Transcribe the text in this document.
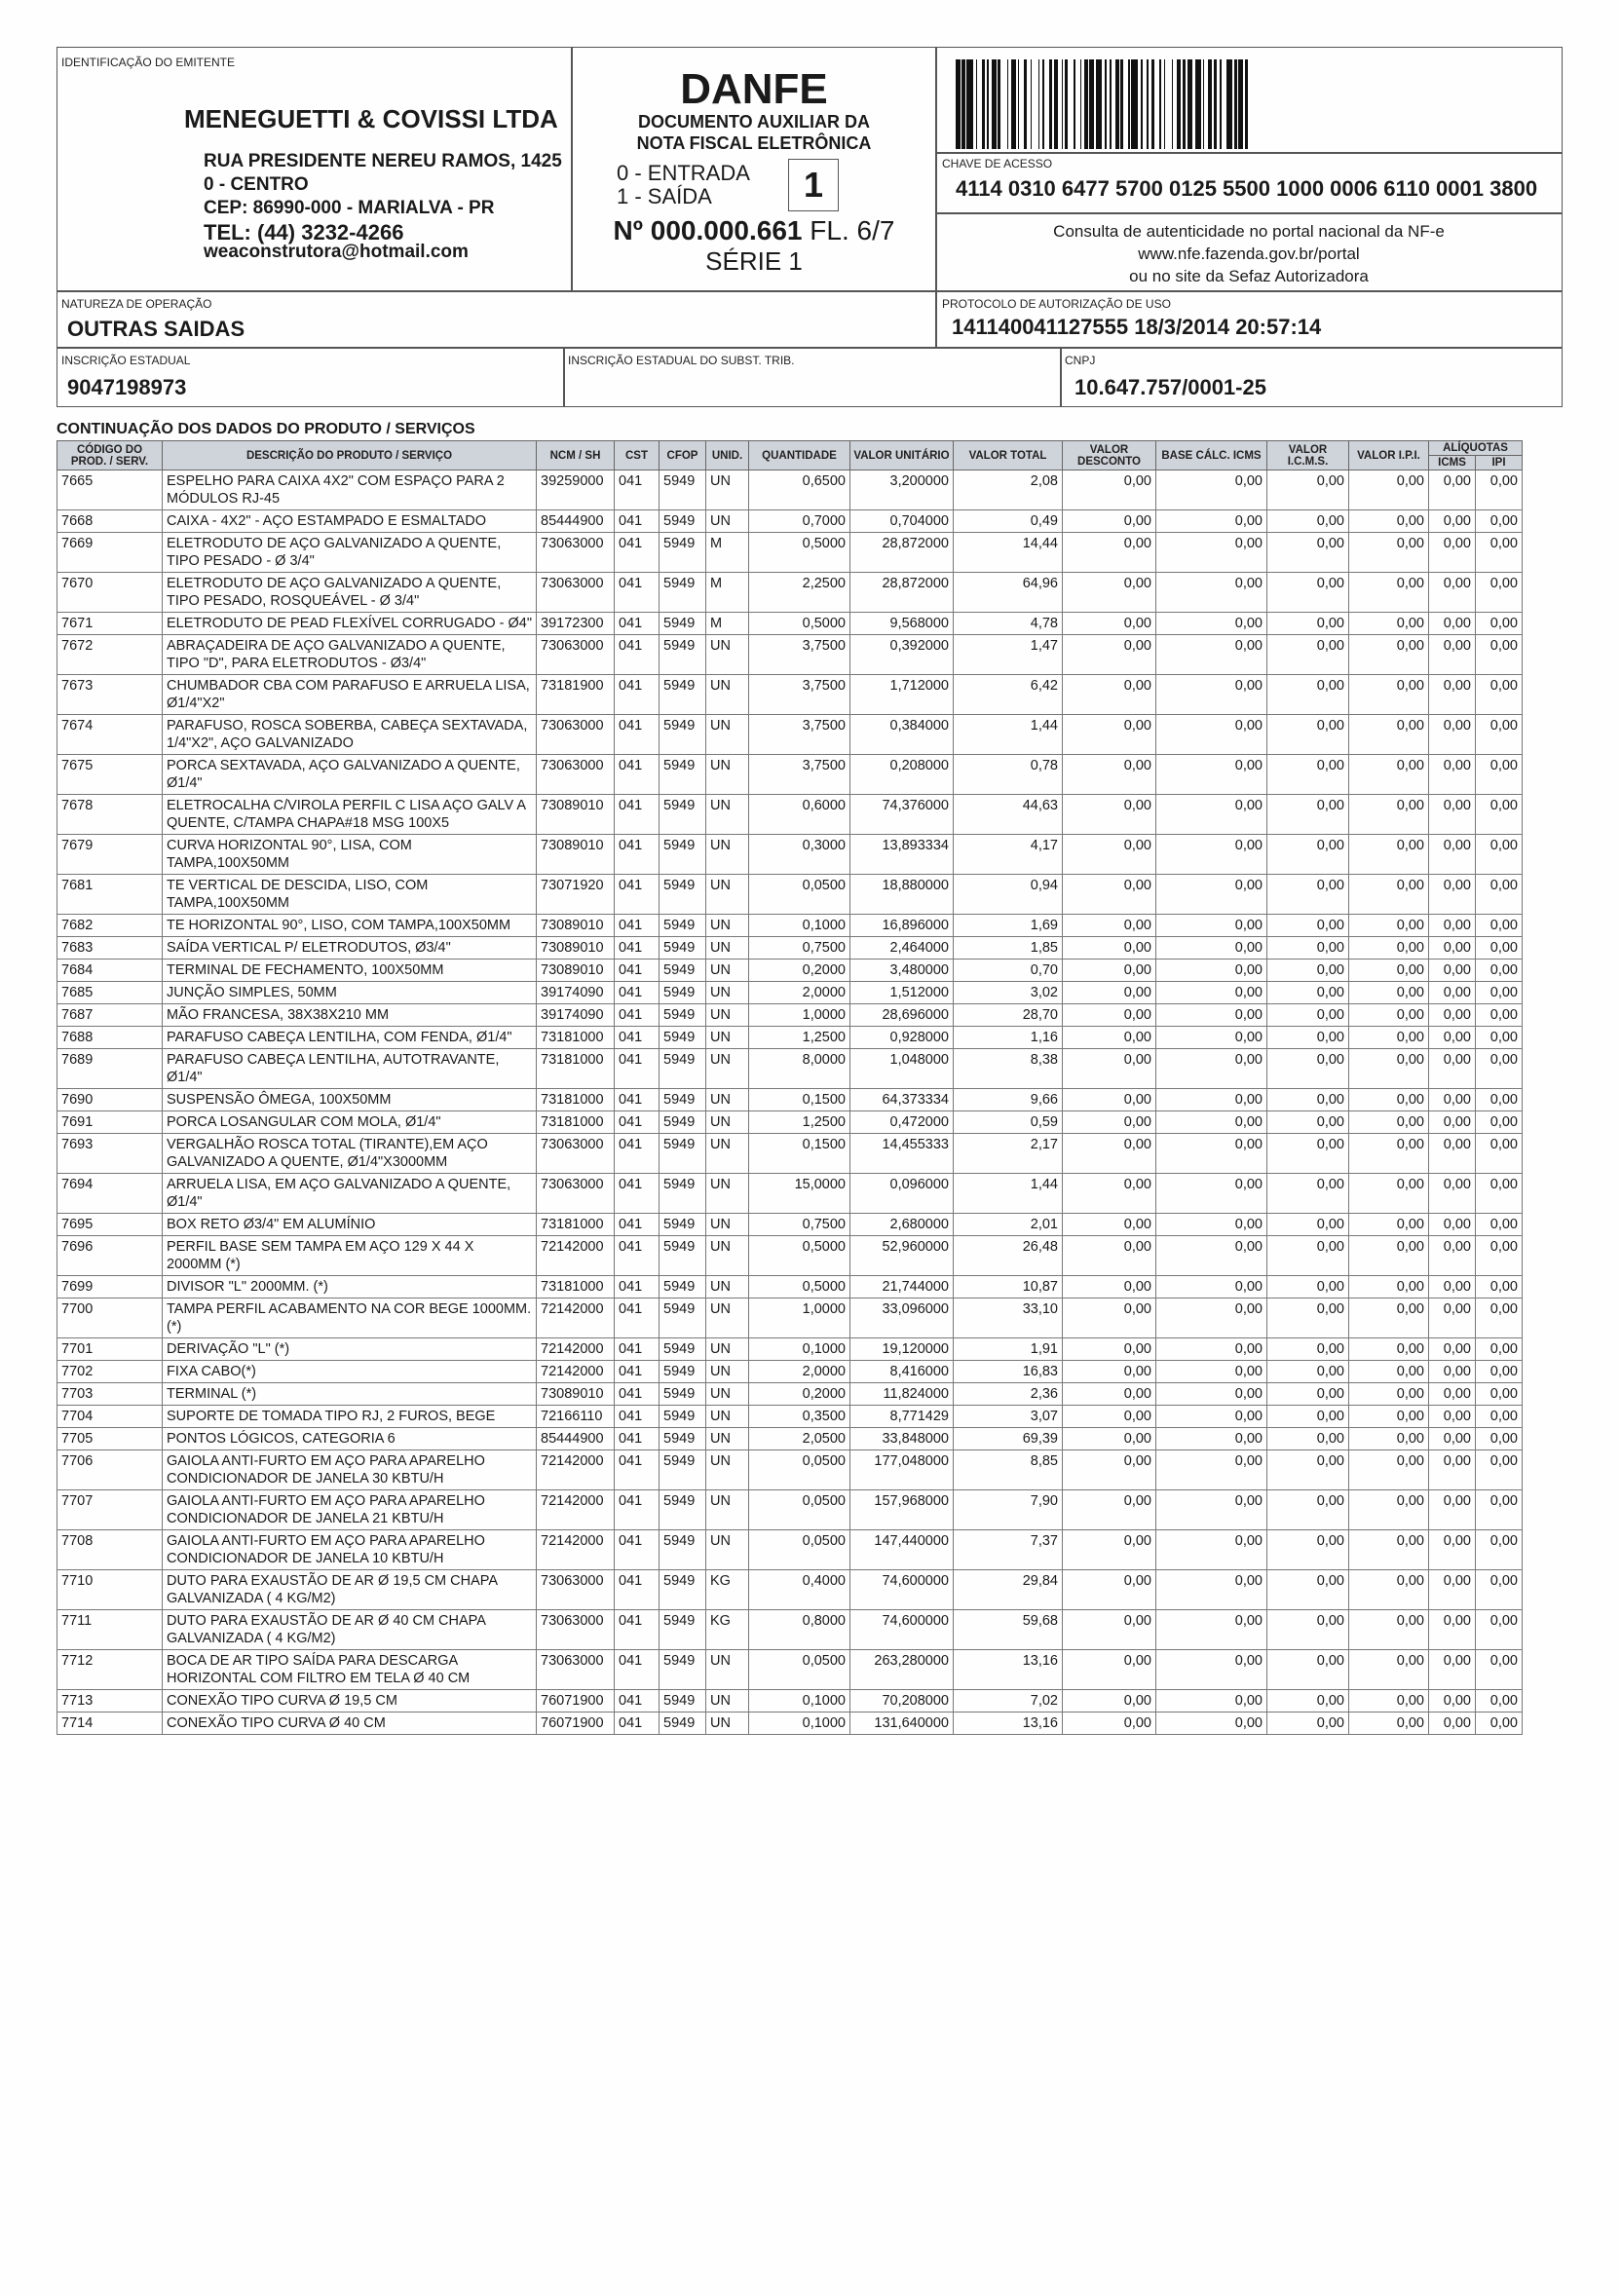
IDENTIFICAÇÃO DO EMITENTE
MENEGUETTI & COVISSI LTDA
RUA PRESIDENTE NEREU RAMOS, 1425
0 - CENTRO
CEP: 86990-000 - MARIALVA - PR
TEL: (44) 3232-4266
weaconstrutora@hotmail.com
DANFE
DOCUMENTO AUXILIAR DA
NOTA FISCAL ELETRÔNICA
0 - ENTRADA
1 - SAÍDA	1
Nº 000.000.661 FL. 6/7
SÉRIE 1
CHAVE DE ACESSO
4114 0310 6477 5700 0125 5500 1000 0006 6110 0001 3800
Consulta de autenticidade no portal nacional da NF-e
www.nfe.fazenda.gov.br/portal
ou no site da Sefaz Autorizadora
NATUREZA DE OPERAÇÃO
OUTRAS SAIDAS
PROTOCOLO DE AUTORIZAÇÃO DE USO
141140041127555 18/3/2014 20:57:14
INSCRIÇÃO ESTADUAL
9047198973
INSCRIÇÃO ESTADUAL DO SUBST. TRIB.	CNPJ
10.647.757/0001-25
CONTINUAÇÃO DOS DADOS DO PRODUTO / SERVIÇOS
CÓDIGO DO PROD. / SERV.	DESCRIÇÃO DO PRODUTO / SERVIÇO	NCM / SH	CST	CFOP	UNID.	QUANTIDADE	VALOR UNITÁRIO	VALOR TOTAL	VALOR DESCONTO	BASE CÁLC. ICMS	VALOR I.C.M.S.	VALOR I.P.I.	ALÍQUOTAS	
													ICMS	IPI
7665	ESPELHO PARA CAIXA 4X2" COM ESPAÇO PARA 2 MÓDULOS RJ-45	39259000	041	5949	UN	0,6500	3,200000	2,08	0,00	0,00	0,00	0,00	0,00	0,00
7668	CAIXA - 4X2" - AÇO ESTAMPADO E ESMALTADO	85444900	041	5949	UN	0,7000	0,704000	0,49	0,00	0,00	0,00	0,00	0,00	0,00
7669	ELETRODUTO DE AÇO GALVANIZADO A QUENTE, TIPO PESADO - Ø 3/4"	73063000	041	5949	M	0,5000	28,872000	14,44	0,00	0,00	0,00	0,00	0,00	0,00
7670	ELETRODUTO DE AÇO GALVANIZADO A QUENTE, TIPO PESADO, ROSQUEÁVEL - Ø 3/4"	73063000	041	5949	M	2,2500	28,872000	64,96	0,00	0,00	0,00	0,00	0,00	0,00
7671	ELETRODUTO DE PEAD FLEXÍVEL CORRUGADO - Ø4"	39172300	041	5949	M	0,5000	9,568000	4,78	0,00	0,00	0,00	0,00	0,00	0,00
7672	ABRAÇADEIRA DE AÇO GALVANIZADO A QUENTE, TIPO "D", PARA ELETRODUTOS - Ø3/4"	73063000	041	5949	UN	3,7500	0,392000	1,47	0,00	0,00	0,00	0,00	0,00	0,00
7673	CHUMBADOR CBA COM PARAFUSO E ARRUELA LISA, Ø1/4"X2"	73181900	041	5949	UN	3,7500	1,712000	6,42	0,00	0,00	0,00	0,00	0,00	0,00
7674	PARAFUSO, ROSCA SOBERBA, CABEÇA SEXTAVADA, 1/4"X2", AÇO GALVANIZADO	73063000	041	5949	UN	3,7500	0,384000	1,44	0,00	0,00	0,00	0,00	0,00	0,00
7675	PORCA SEXTAVADA, AÇO GALVANIZADO A QUENTE, Ø1/4"	73063000	041	5949	UN	3,7500	0,208000	0,78	0,00	0,00	0,00	0,00	0,00	0,00
7678	ELETROCALHA C/VIROLA PERFIL C LISA AÇO GALV A QUENTE, C/TAMPA CHAPA#18 MSG 100X5	73089010	041	5949	UN	0,6000	74,376000	44,63	0,00	0,00	0,00	0,00	0,00	0,00
7679	CURVA HORIZONTAL 90°, LISA, COM TAMPA,100X50MM	73089010	041	5949	UN	0,3000	13,893334	4,17	0,00	0,00	0,00	0,00	0,00	0,00
7681	TE VERTICAL DE DESCIDA, LISO, COM TAMPA,100X50MM	73071920	041	5949	UN	0,0500	18,880000	0,94	0,00	0,00	0,00	0,00	0,00	0,00
7682	TE HORIZONTAL 90°, LISO, COM TAMPA,100X50MM	73089010	041	5949	UN	0,1000	16,896000	1,69	0,00	0,00	0,00	0,00	0,00	0,00
7683	SAÍDA VERTICAL P/ ELETRODUTOS, Ø3/4"	73089010	041	5949	UN	0,7500	2,464000	1,85	0,00	0,00	0,00	0,00	0,00	0,00
7684	TERMINAL DE FECHAMENTO, 100X50MM	73089010	041	5949	UN	0,2000	3,480000	0,70	0,00	0,00	0,00	0,00	0,00	0,00
7685	JUNÇÃO SIMPLES, 50MM	39174090	041	5949	UN	2,0000	1,512000	3,02	0,00	0,00	0,00	0,00	0,00	0,00
7687	MÃO FRANCESA, 38X38X210 MM	39174090	041	5949	UN	1,0000	28,696000	28,70	0,00	0,00	0,00	0,00	0,00	0,00
7688	PARAFUSO CABEÇA LENTILHA, COM FENDA, Ø1/4"	73181000	041	5949	UN	1,2500	0,928000	1,16	0,00	0,00	0,00	0,00	0,00	0,00
7689	PARAFUSO CABEÇA LENTILHA, AUTOTRAVANTE, Ø1/4"	73181000	041	5949	UN	8,0000	1,048000	8,38	0,00	0,00	0,00	0,00	0,00	0,00
7690	SUSPENSÃO ÔMEGA, 100X50MM	73181000	041	5949	UN	0,1500	64,373334	9,66	0,00	0,00	0,00	0,00	0,00	0,00
7691	PORCA LOSANGULAR COM MOLA, Ø1/4"	73181000	041	5949	UN	1,2500	0,472000	0,59	0,00	0,00	0,00	0,00	0,00	0,00
7693	VERGALHÃO ROSCA TOTAL (TIRANTE),EM AÇO GALVANIZADO A QUENTE, Ø1/4"X3000MM	73063000	041	5949	UN	0,1500	14,455333	2,17	0,00	0,00	0,00	0,00	0,00	0,00
7694	ARRUELA LISA, EM AÇO GALVANIZADO A QUENTE, Ø1/4"	73063000	041	5949	UN	15,0000	0,096000	1,44	0,00	0,00	0,00	0,00	0,00	0,00
7695	BOX RETO Ø3/4" EM ALUMÍNIO	73181000	041	5949	UN	0,7500	2,680000	2,01	0,00	0,00	0,00	0,00	0,00	0,00
7696	PERFIL BASE SEM TAMPA EM AÇO 129 X 44 X 2000MM (*)	72142000	041	5949	UN	0,5000	52,960000	26,48	0,00	0,00	0,00	0,00	0,00	0,00
7699	DIVISOR "L" 2000MM. (*)	73181000	041	5949	UN	0,5000	21,744000	10,87	0,00	0,00	0,00	0,00	0,00	0,00
7700	TAMPA PERFIL ACABAMENTO NA COR BEGE 1000MM. (*)	72142000	041	5949	UN	1,0000	33,096000	33,10	0,00	0,00	0,00	0,00	0,00	0,00
7701	DERIVAÇÃO "L" (*)	72142000	041	5949	UN	0,1000	19,120000	1,91	0,00	0,00	0,00	0,00	0,00	0,00
7702	FIXA CABO(*)	72142000	041	5949	UN	2,0000	8,416000	16,83	0,00	0,00	0,00	0,00	0,00	0,00
7703	TERMINAL (*)	73089010	041	5949	UN	0,2000	11,824000	2,36	0,00	0,00	0,00	0,00	0,00	0,00
7704	SUPORTE DE TOMADA TIPO RJ, 2 FUROS, BEGE	72166110	041	5949	UN	0,3500	8,771429	3,07	0,00	0,00	0,00	0,00	0,00	0,00
7705	PONTOS LÓGICOS, CATEGORIA 6	85444900	041	5949	UN	2,0500	33,848000	69,39	0,00	0,00	0,00	0,00	0,00	0,00
7706	GAIOLA ANTI-FURTO EM AÇO PARA APARELHO CONDICIONADOR DE JANELA 30 KBTU/H	72142000	041	5949	UN	0,0500	177,048000	8,85	0,00	0,00	0,00	0,00	0,00	0,00
7707	GAIOLA ANTI-FURTO EM AÇO PARA APARELHO CONDICIONADOR DE JANELA 21 KBTU/H	72142000	041	5949	UN	0,0500	157,968000	7,90	0,00	0,00	0,00	0,00	0,00	0,00
7708	GAIOLA ANTI-FURTO EM AÇO PARA APARELHO CONDICIONADOR DE JANELA 10 KBTU/H	72142000	041	5949	UN	0,0500	147,440000	7,37	0,00	0,00	0,00	0,00	0,00	0,00
7710	DUTO PARA EXAUSTÃO DE AR Ø 19,5 CM CHAPA GALVANIZADA ( 4 KG/M2)	73063000	041	5949	KG	0,4000	74,600000	29,84	0,00	0,00	0,00	0,00	0,00	0,00
7711	DUTO PARA EXAUSTÃO DE AR Ø 40 CM CHAPA GALVANIZADA ( 4 KG/M2)	73063000	041	5949	KG	0,8000	74,600000	59,68	0,00	0,00	0,00	0,00	0,00	0,00
7712	BOCA DE AR TIPO SAÍDA PARA DESCARGA HORIZONTAL COM FILTRO EM TELA Ø 40 CM	73063000	041	5949	UN	0,0500	263,280000	13,16	0,00	0,00	0,00	0,00	0,00	0,00
7713	CONEXÃO TIPO CURVA Ø 19,5 CM	76071900	041	5949	UN	0,1000	70,208000	7,02	0,00	0,00	0,00	0,00	0,00	0,00
7714	CONEXÃO TIPO CURVA Ø 40 CM	76071900	041	5949	UN	0,1000	131,640000	13,16	0,00	0,00	0,00	0,00	0,00	0,00
